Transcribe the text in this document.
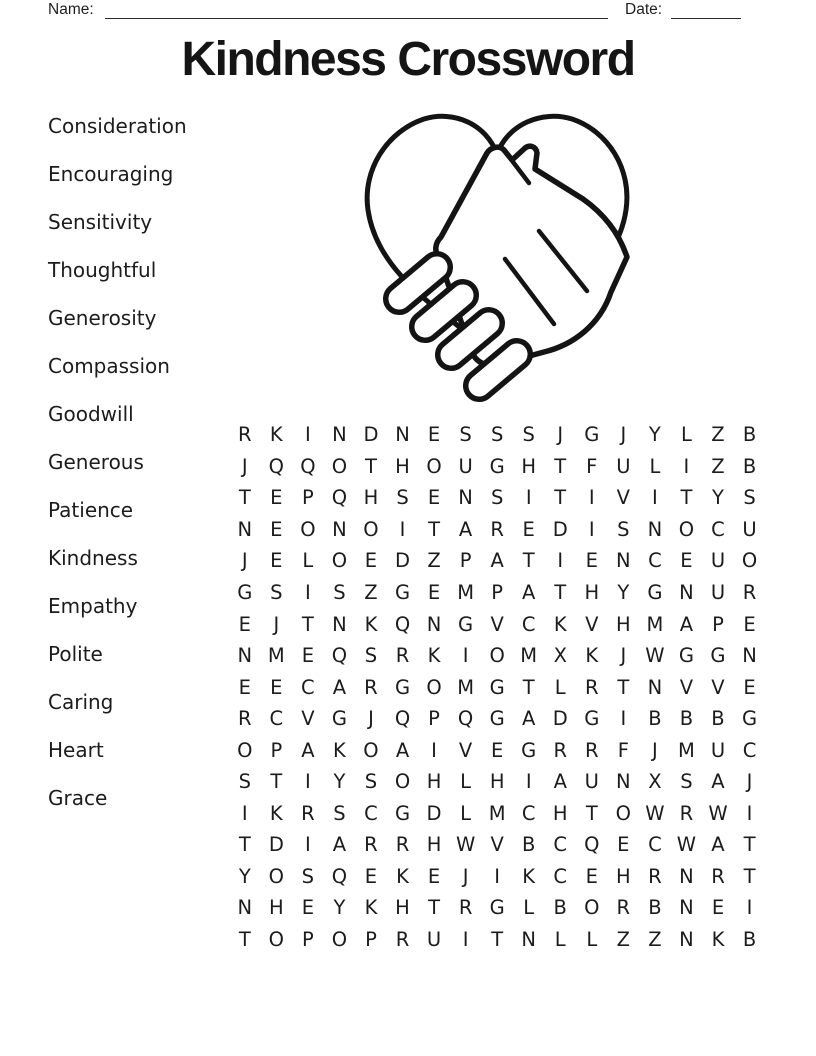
Name:	Date:
Kindness Crossword
Consideration
Encouraging
Sensitivity
Thoughtful
Generosity
Compassion
Goodwill
Generous
Patience
Kindness
Empathy
Polite
Caring
Heart
Grace
R K	I	N D N E S S S	J	G	J	Y	L Z B
J	Q Q O T H O U G H T	F U L	I	Z B
T E	P Q H S E N S	I	T	I	V	I	T	Y S
N E O N O	I	T A R E D	I	S N O C U
J	E	L O E D Z P A T	I	E N C E U O
G S	I	S Z G E M P A T H Y G N U R
E	J	T N K Q N G V C K V H M A P	E
N M E Q S R K	I	O M X K	J W G G N
E E C A R G O M G T	L R T N V V E
R C V G	J	Q P Q G A D G	I	B B B G
O P A K O A	I	V E G R R F	J	M U C
S T	I	Y S O H L H	I	A U N X S A	J
I	K R S C G D L M C H T O W R W I
T D	I	A R R H W V B C Q E C W A T
Y O S Q E K E	J	I	K C E H R N R T
N H E Y K H T R G L B O R B N E	I
T O P O P R U	I	T N L	L Z Z N K B
